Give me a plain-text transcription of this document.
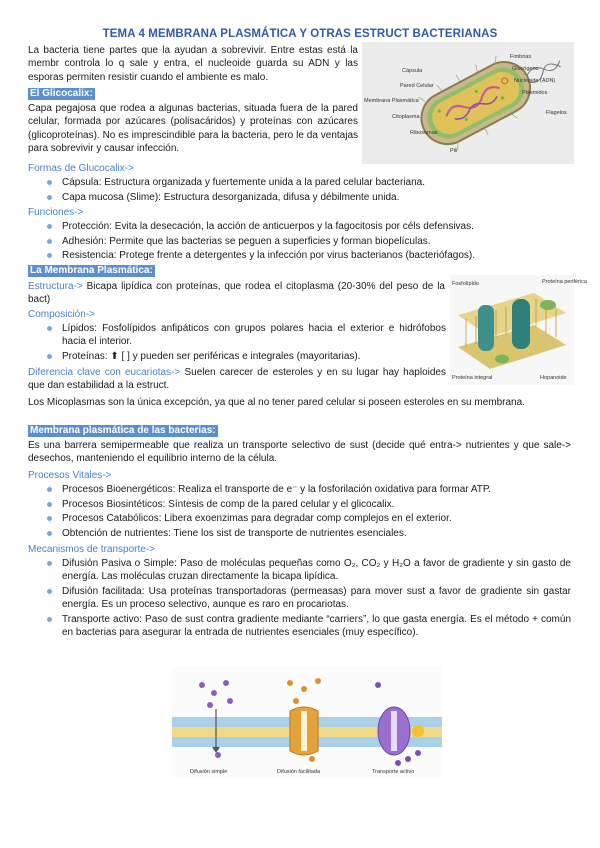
TEMA 4 MEMBRANA PLASMÁTICA Y OTRAS ESTRUCT BACTERIANAS

La bacteria tiene partes que la ayudan a sobrevivir. Entre estas está la membr controla lo q sale y entra, el nucleoide guarda su ADN y las esporas permiten resistir cuando el ambiente es malo.

Cápsula
Pared Celular
Membrana Plasmática
Citoplasma
Ribosomas
Fimbrias
Glucógeno
Nucleoide (ADN)
Plásmidos
Flagelos
Pili
El Glicocalix:

Capa pegajosa que rodea a algunas bacterias, situada fuera de la pared celular, formada por azúcares (polisacáridos) y proteínas con azúcares (glicoproteínas). No es imprescindible para la bacteria, pero le da ventajas para sobrevivir y causar infección.

Formas de Glucocalix->
Cápsula: Estructura organizada y fuertemente unida a la pared celular bacteriana.
Capa mucosa (Slime): Estructura desorganizada, difusa y débilmente unida.
Funciones->
Protección: Evita la desecación, la acción de anticuerpos y la fagocitosis por céls defensivas.
Adhesión: Permite que las bacterias se peguen a superficies y forman biopelículas.
Resistencia: Protege frente a detergentes y la infección por virus bacterianos (bacteriófagos).
La Membrana Plasmática:

Estructura-> Bicapa lipídica con proteínas, que rodea el citoplasma (20-30% del peso de la bact)

Composición->
Lípidos: Fosfolípidos anfipáticos con grupos polares hacia el exterior e hidrófobos hacia el interior.
Proteínas: ⬆ [ ] y pueden ser periféricas e integrales (mayoritarias).
Fosfolípido	Proteína periférica
Proteína integral	Hopanoide

Diferencia clave con eucariotas-> Suelen carecer de esteroles y en su lugar hay haploides que dan estabilidad a la estruct.

Los Micoplasmas son la única excepción, ya que al no tener pared celular si poseen esteroles en su membrana.

Membrana plasmática de las bacterias:

Es una barrera semipermeable que realiza un transporte selectivo de sust (decide qué entra-> nutrientes y que sale-> desechos, manteniendo el equilibrio interno de la célula.

Procesos Vitales->
Procesos Bioenergéticos: Realiza el transporte de e⁻ y la fosforilación oxidativa para formar ATP.
Procesos Biosintéticos: Síntesis de comp de la pared celular y el glicocalix.
Procesos Catabólicos: Libera exoenzimas para degradar comp complejos en el exterior.
Obtención de nutrientes: Tiene los sist de transporte de nutrientes esenciales.
Mecanismos de transporte->
Difusión Pasiva o Simple: Paso de moléculas pequeñas como O₂, CO₂ y H₂O a favor de gradiente y sin gasto de energía. Las moléculas cruzan directamente la bicapa lipídica.
Difusión facilitada: Usa proteínas transportadoras (permeasas) para mover sust a favor de gradiente sin gastar energía. Es un proceso selectivo, aunque es raro en procariotas.
Transporte activo: Paso de sust contra gradiente mediante “carriers”, lo que gasta energía. Es el método + común en bacterias para asegurar la entrada de nutrientes esenciales (muy específico).
Difusión simple	Difusión facilitada	Transporte activo
